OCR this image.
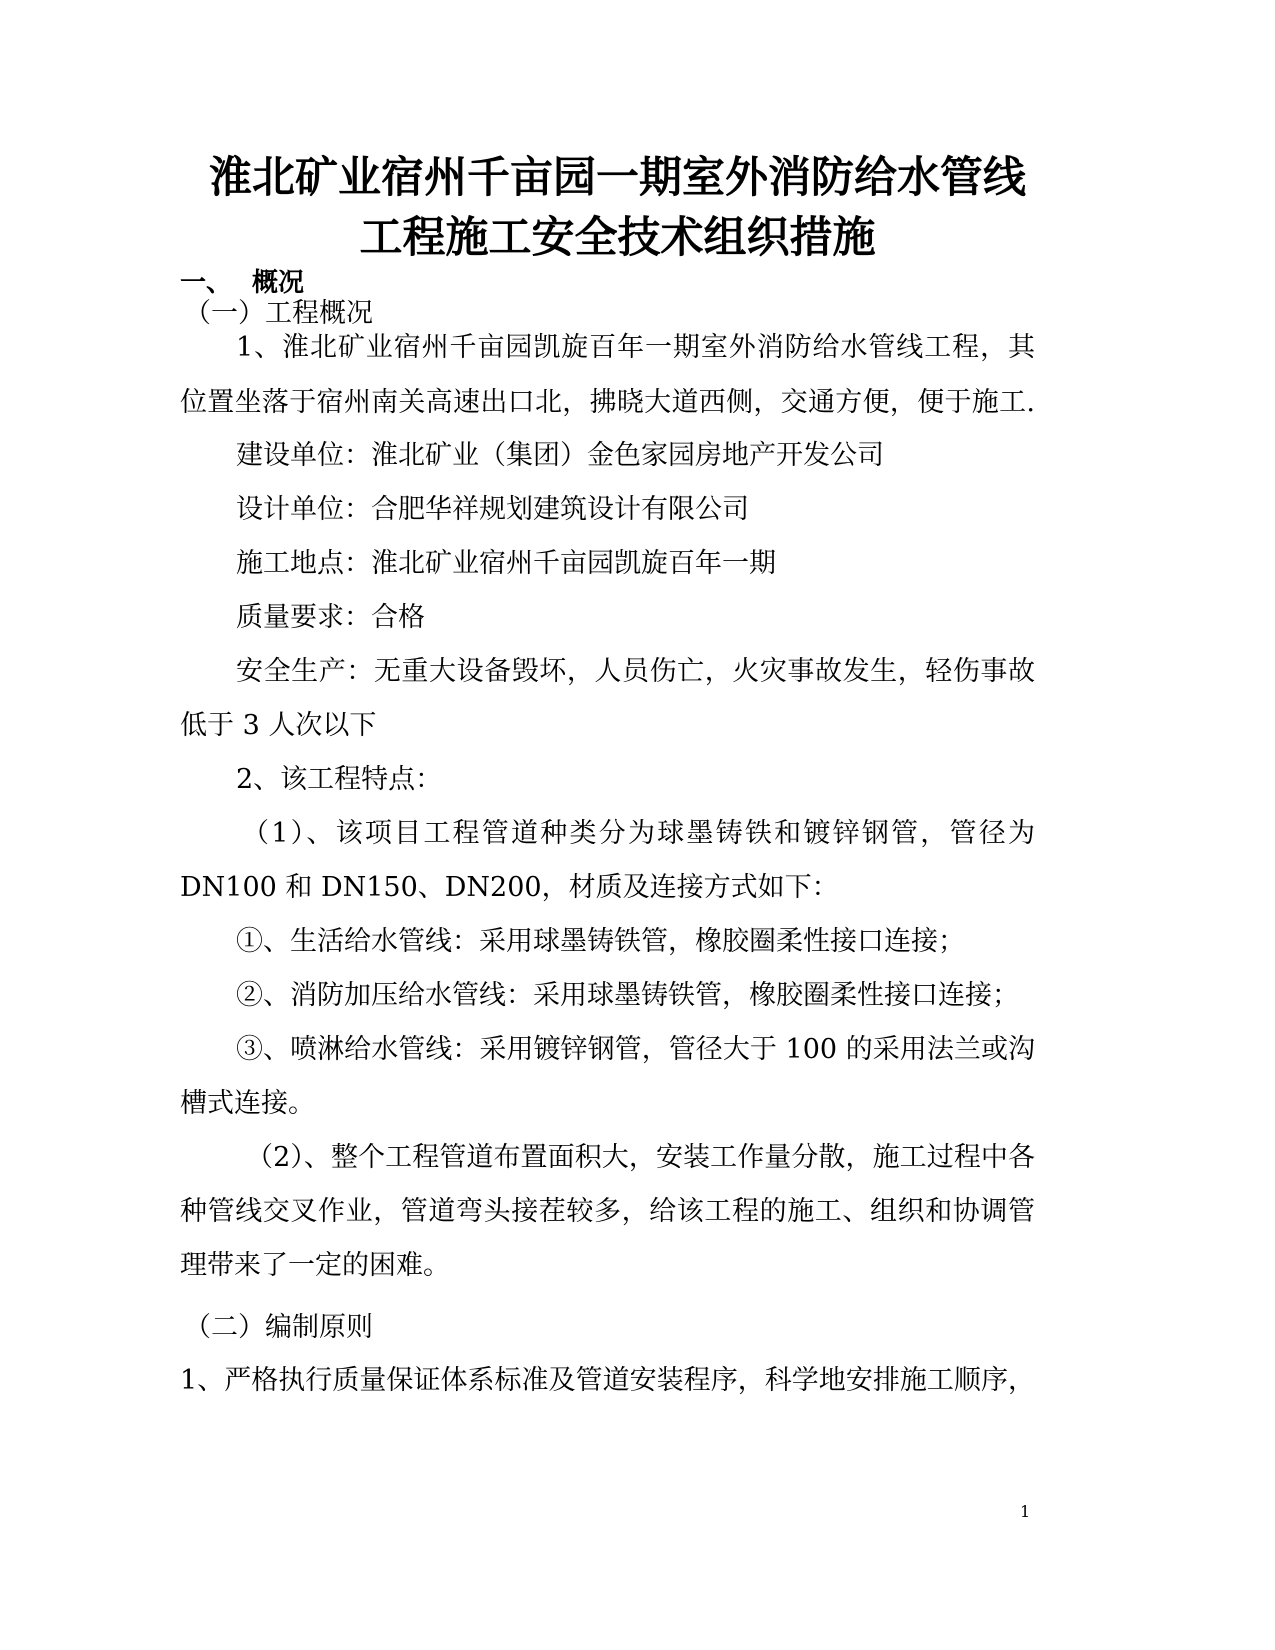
淮北矿业宿州千亩园一期室外消防给水管线
工程施工安全技术组织措施
一、 概况
（一）工程概况
1、淮北矿业宿州千亩园凯旋百年一期室外消防给水管线工程，其
位置坐落于宿州南关高速出口北，拂晓大道西侧，交通方便，便于施工.
建设单位：淮北矿业（集团）金色家园房地产开发公司
设计单位：合肥华祥规划建筑设计有限公司
施工地点：淮北矿业宿州千亩园凯旋百年一期
质量要求：合格
安全生产：无重大设备毁坏，人员伤亡，火灾事故发生，轻伤事故
低于 3 人次以下
2、该工程特点：
（1）、该项目工程管道种类分为球墨铸铁和镀锌钢管，管径为
DN100 和 DN150、DN200，材质及连接方式如下：
①、生活给水管线：采用球墨铸铁管，橡胶圈柔性接口连接；
②、消防加压给水管线：采用球墨铸铁管，橡胶圈柔性接口连接；
③、喷淋给水管线：采用镀锌钢管，管径大于 100 的采用法兰或沟
槽式连接。
（2）、整个工程管道布置面积大，安装工作量分散，施工过程中各
种管线交叉作业，管道弯头接茬较多，给该工程的施工、组织和协调管
理带来了一定的困难。
（二）编制原则
1、严格执行质量保证体系标准及管道安装程序，科学地安排施工顺序，
1
